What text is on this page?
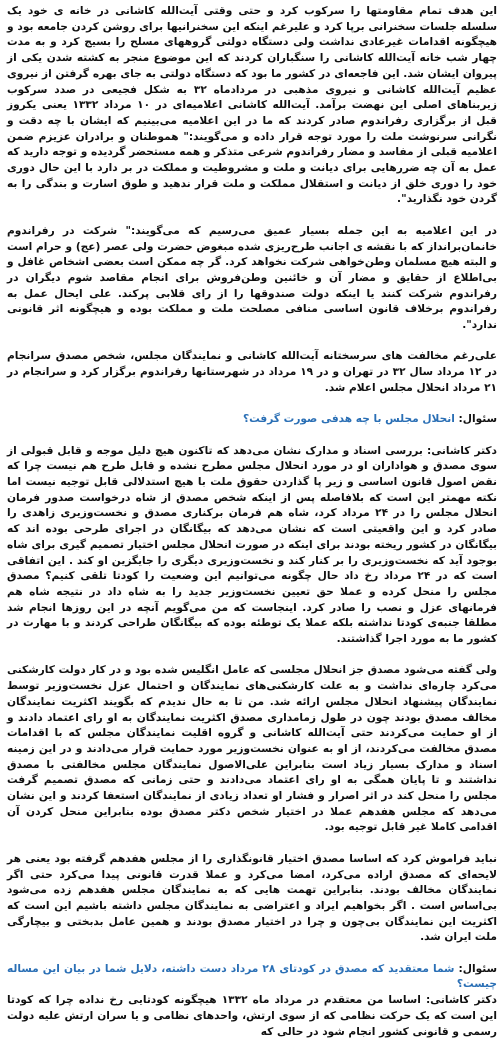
این هدف تمام مقاومتها را سرکوب کرد و حتی وقتی آیت‌الله کاشانی در خانه ی خود یک سلسله جلسات سخنرانی برپا کرد و علیرغم اینکه این سخنرانیها برای روشن کردن جامعه بود و هیچگونه اقدامات غیرعادی نداشت ولی دستگاه دولتی گروههای مسلح را بسیج کرد و به مدت چهار شب خانه آیت‌الله کاشانی را سنگباران کردند که این موضوع منجر به کشته شدن یکی از پیروان ایشان شد. این فاجعه‌ای در کشور ما بود که دستگاه دولتی به جای بهره گرفتن از نیروی عظیم آیت‌الله کاشانی و نیروی مذهبی در مردادماه ۳۲ به شکل فجیعی در صدد سرکوب زیربناهای اصلی این نهضت برآمد. آیت‌الله کاشانی اعلامیه‌ای در ۱۰ مرداد ۱۳۳۲ یعنی یکروز قبل از برگزاری رفراندوم صادر کردند که ما در این اعلامیه می‌بینیم که ایشان با چه دقت و نگرانی سرنوشت ملت را مورد توجه قرار داده و می‌گویند:" هموطنان و برادران عزیزم ضمن اعلامیه قبلی از مفاسد و مضار رفراندوم شرعی متذکر و همه مستحضر گردیده و توجه دارید که عمل به آن چه ضررهایی برای دیانت و ملت و مشروطیت و مملکت در بر دارد با این حال دوری خود را دوری خلق از دیانت و استقلال مملکت و ملت قرار ندهید و طوق اسارت و بندگی را به گردن خود نگذارید".

در این اعلامیه به این جمله بسیار عمیق می‌رسیم که می‌گویند:" شرکت در رفراندوم خانمان‌برانداز که با نقشه ی اجانب طرح‌ریزی شده مبغوض حضرت ولی عصر (عج) و حرام است و البته هیچ مسلمان وطن‌خواهی شرکت نخواهد کرد. گر چه ممکن است بعضی اشخاص غافل و بی‌اطلاع از حقایق و مضار آن و خائنین وطن‌فروش برای انجام مقاصد شوم دیگران در رفراندوم شرکت کنند یا اینکه دولت صندوقها را از رای قلابی پرکند. علی ایحال عمل به رفراندوم برخلاف قانون اساسی منافی مصلحت ملت و مملکت بوده و هیچگونه اثر قانونی ندارد".

علی‌رغم مخالفت های سرسختانه آیت‌الله کاشانی و نمایندگان مجلس، شخص مصدق سرانجام در ۱۲ مرداد سال ۳۲ در تهران و در ۱۹ مرداد در شهرستانها رفراندوم برگزار کرد و سرانجام در ۲۱ مرداد انحلال مجلس اعلام شد.

سئوال: انحلال مجلس با چه هدفی صورت گرفت؟

دکتر کاشانی: بررسی اسناد و مدارک نشان می‌دهد که تاکنون هیچ دلیل موجه و قابل قبولی از سوی مصدق و هواداران او در مورد انحلال مجلس مطرح نشده و قابل طرح هم نیست چرا که نقض اصول قانون اساسی و زیر پا گذاردن حقوق ملت با هیچ استدلالی قابل توجیه نیست اما نکته مهمتر این است که بلافاصله پس از اینکه شخص مصدق از شاه درخواست صدور فرمان انحلال مجلس را در ۲۴ مرداد کرد، شاه هم فرمان برکناری مصدق و نخست‌وزیری زاهدی را صادر کرد و این واقعیتی است که نشان می‌دهد که بیگانگان در اجرای طرحی بوده اند که بیگانگان در کشور ریخته بودند برای اینکه در صورت انحلال مجلس اختیار تصمیم گیری برای شاه بوجود آید که نخست‌وزیری را بر کنار کند و نخست‌وزیری دیگری را جایگزین او کند . این اتفاقی است که در ۲۴ مرداد رخ داد حال چگونه می‌توانیم این وضعیت را کودتا تلقی کنیم؟ مصدق مجلس را منحل کرده و عملا حق تعیین نخست‌وزیر جدید را به شاه داد در نتیجه شاه هم فرمانهای عزل و نصب را صادر کرد. اینجاست که من می‌گویم آنچه در این روزها انجام شد مطلقا جنبه‌ی کودتا نداشته بلکه عملا یک توطئه بوده که بیگانگان طراحی کردند و با مهارت در کشور ما به مورد اجرا گذاشتند.

ولی گفته می‌شود مصدق جز انحلال مجلسی که عامل انگلیس شده بود و در کار دولت کارشکنی می‌کرد چاره‌ای نداشت و به علت کارشکنی‌های نمایندگان و احتمال عزل نخست‌وزیر توسط نمایندگان پیشنهاد انحلال مجلس ارائه شد. من تا به حال ندیدم که بگویند اکثریت نمایندگان مخالف مصدق بودند چون در طول زمامداری مصدق اکثریت نمایندگان به او رای اعتماد دادند و از او حمایت می‌کردند حتی آیت‌الله کاشانی و گروه اقلیت نمایندگان مجلس که با اقدامات مصدق مخالفت می‌کردند، از او به عنوان نخست‌وزیر مورد حمایت قرار می‌دادند و در این زمینه اسناد و مدارک بسیار زیاد است بنابراین علی‌الاصول نمایندگان مجلس مخالفتی با مصدق نداشتند و تا پایان همگی به او رای اعتماد می‌دادند و حتی زمانی که مصدق تصمیم گرفت مجلس را منحل کند در اثر اصرار و فشار او تعداد زیادی از نمایندگان استعفا کردند و این نشان می‌دهد که مجلس هفدهم عملا در اختیار شخص دکتر مصدق بوده بنابراین منحل کردن آن اقدامی کاملا غیر قابل توجیه بود.

نباید فراموش کرد که اساسا مصدق اختیار قانونگذاری را از مجلس هفدهم گرفته بود یعنی هر لایحه‌ای که مصدق اراده می‌کرد، امضا می‌کرد و عملا قدرت قانونی پیدا می‌کرد حتی اگر نمایندگان مخالف بودند. بنابراین تهمت هایی که به نمایندگان مجلس هفدهم زده می‌شود بی‌اساس است . اگر بخواهیم ایراد و اعتراضی به نمایندگان مجلس داشته باشیم این است که اکثریت این نمایندگان بی‌چون و چرا در اختیار مصدق بودند و همین عامل بدبختی و بیچارگی ملت ایران شد.

سئوال: شما معتقدید که مصدق در کودتای ۲۸ مرداد دست داشته، دلایل شما در بیان این مساله چیست؟

دکتر کاشانی: اساسا من معتقدم در مرداد ماه ۱۳۳۲ هیچگونه کودتایی رخ نداده چرا که کودتا این است که یک حرکت نظامی که از سوی ارتش، واحدهای نظامی و یا سران ارتش علیه دولت رسمی و قانونی کشور انجام شود در حالی که
